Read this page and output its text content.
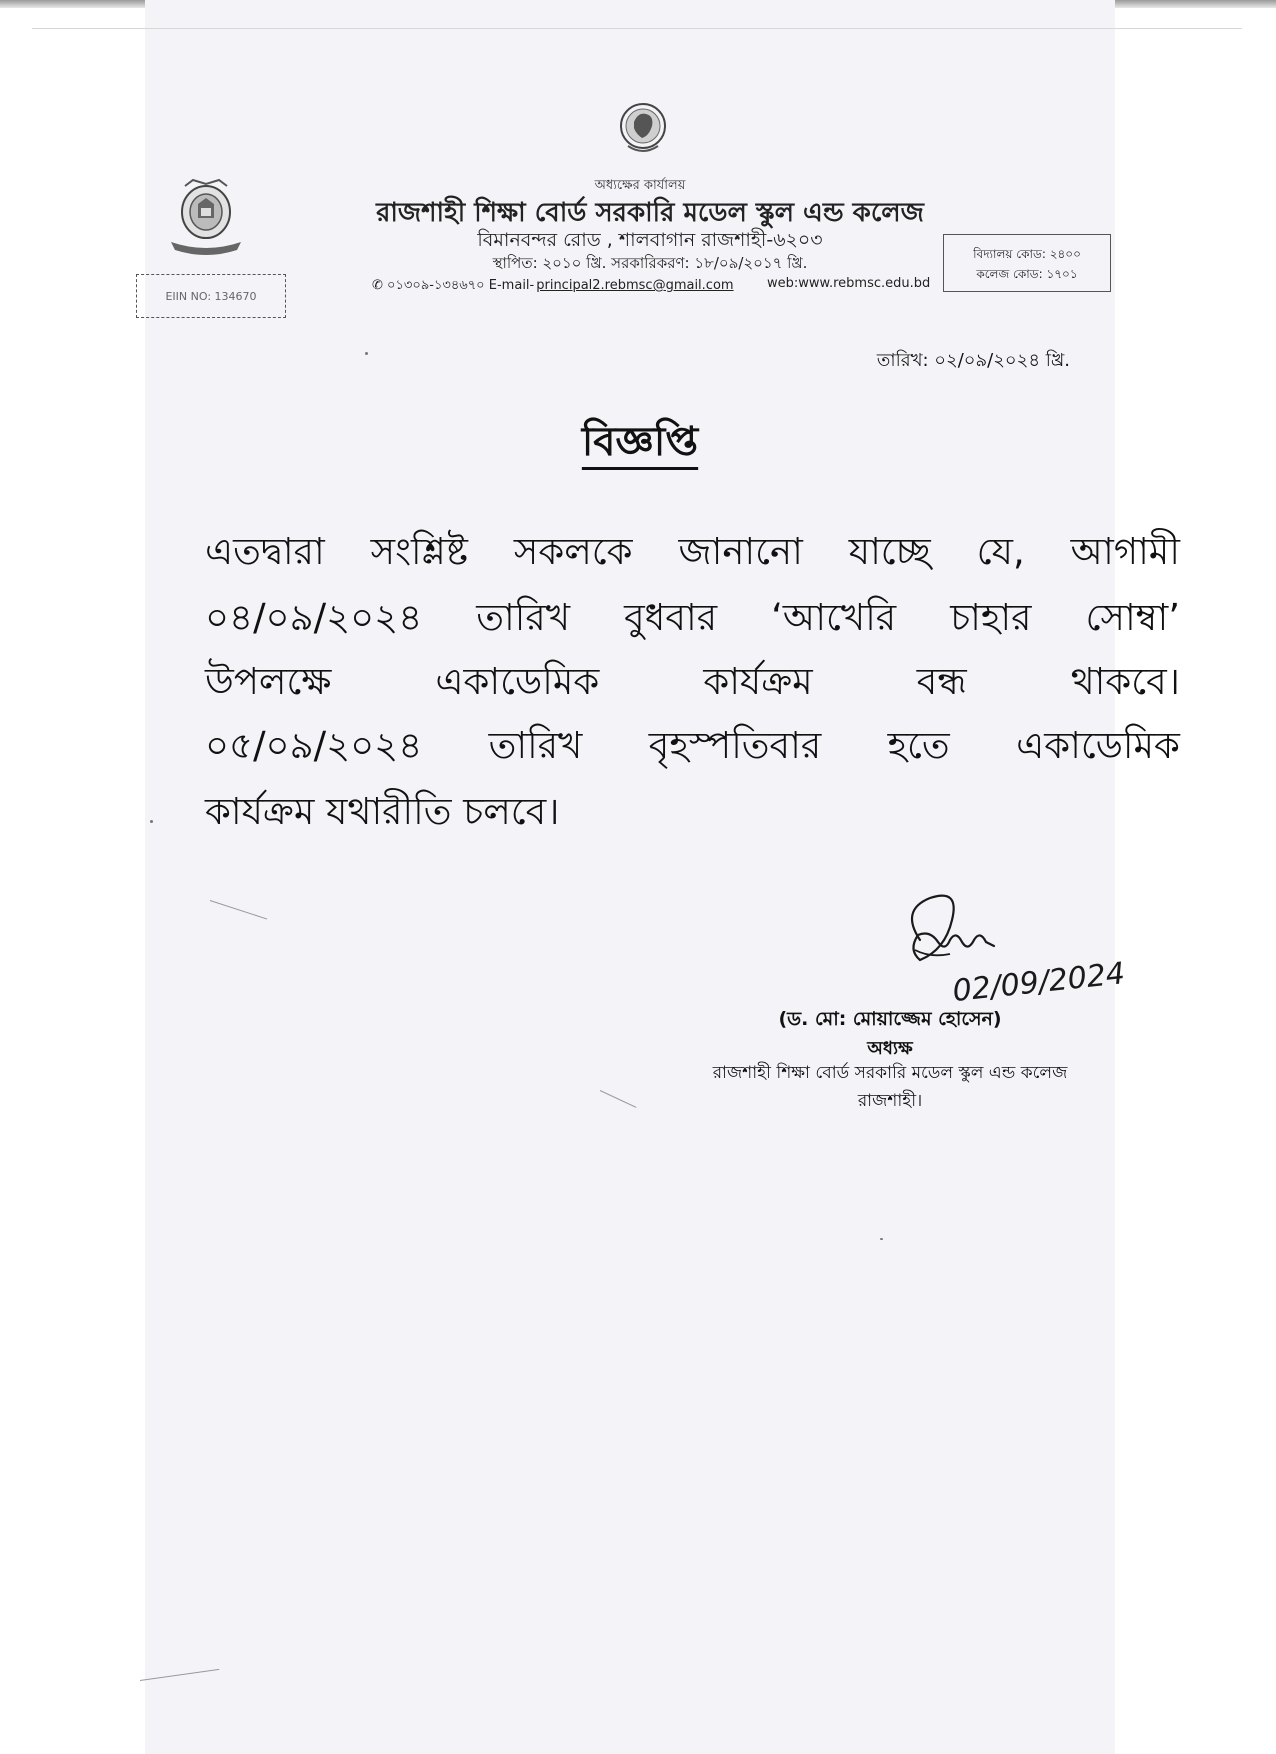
অধ্যক্ষের কার্যালয়
রাজশাহী শিক্ষা বোর্ড সরকারি মডেল স্কুল এন্ড কলেজ
বিমানবন্দর রোড , শালবাগান রাজশাহী-৬২০৩
স্থাপিত: ২০১০ খ্রি. সরকারিকরণ: ১৮/০৯/২০১৭ খ্রি.
✆ ০১৩০৯-১৩৪৬৭০ E-mail- principal2.rebmsc@gmail.com	web:www.rebmsc.edu.bd
EIIN NO: 134670
বিদ্যালয় কোড: ২৪০০
কলেজ কোড: ১৭০১
তারিখ: ০২/০৯/২০২৪ খ্রি.
বিজ্ঞপ্তি
এতদ্বারা সংশ্লিষ্ট সকলকে জানানো যাচ্ছে যে, আগামী
০৪/০৯/২০২৪ তারিখ বুধবার ‘আখেরি চাহার সোম্বা’
উপলক্ষে	একাডেমিক	কার্যক্রম	বন্ধ	থাকবে।
০৫/০৯/২০২৪ তারিখ বৃহস্পতিবার হতে একাডেমিক
কার্যক্রম যথারীতি চলবে।
02/09/2024
(ড. মো: মোয়াজ্জেম হোসেন)
অধ্যক্ষ
রাজশাহী শিক্ষা বোর্ড সরকারি মডেল স্কুল এন্ড কলেজ
রাজশাহী।
